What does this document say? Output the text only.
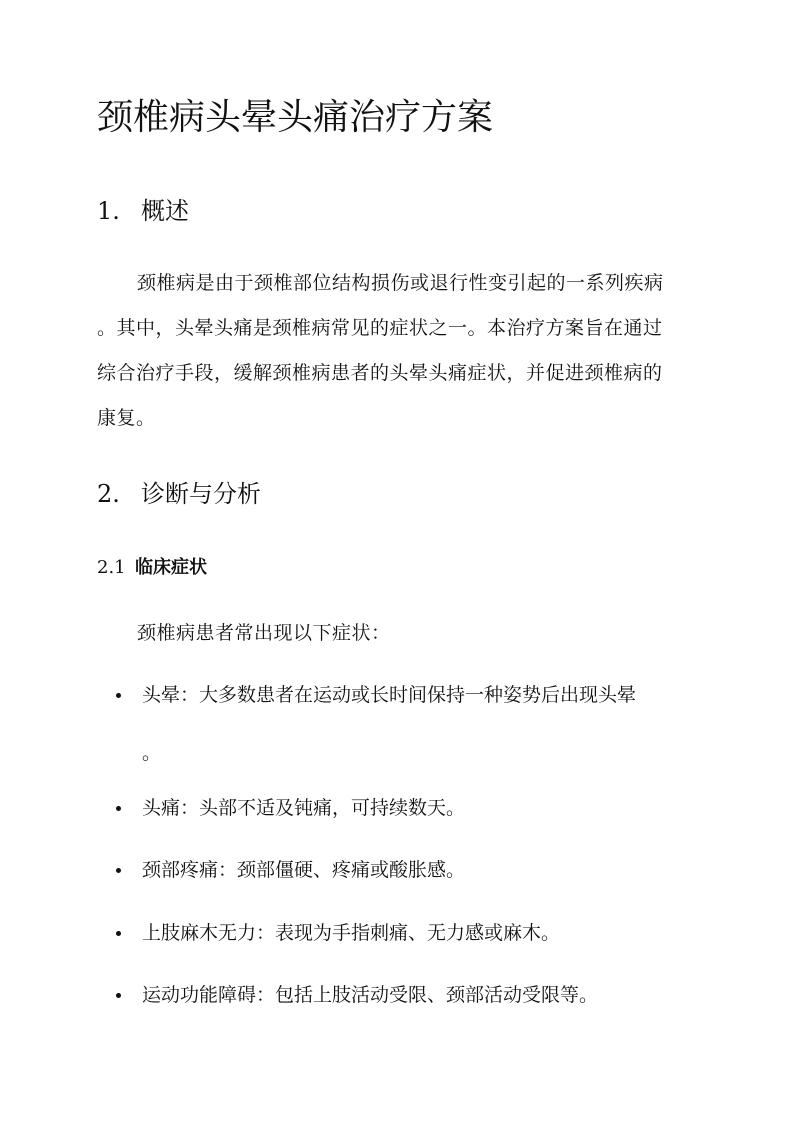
颈椎病头晕头痛治疗方案
1. 概述
颈椎病是由于颈椎部位结构损伤或退行性变引起的一系列疾病
。其中，头晕头痛是颈椎病常见的症状之一。本治疗方案旨在通过
综合治疗手段，缓解颈椎病患者的头晕头痛症状，并促进颈椎病的
康复。
2. 诊断与分析
2.1 临床症状
颈椎病患者常出现以下症状：
头晕：大多数患者在运动或长时间保持一种姿势后出现头晕
。
头痛：头部不适及钝痛，可持续数天。
颈部疼痛：颈部僵硬、疼痛或酸胀感。
上肢麻木无力：表现为手指刺痛、无力感或麻木。
运动功能障碍：包括上肢活动受限、颈部活动受限等。
